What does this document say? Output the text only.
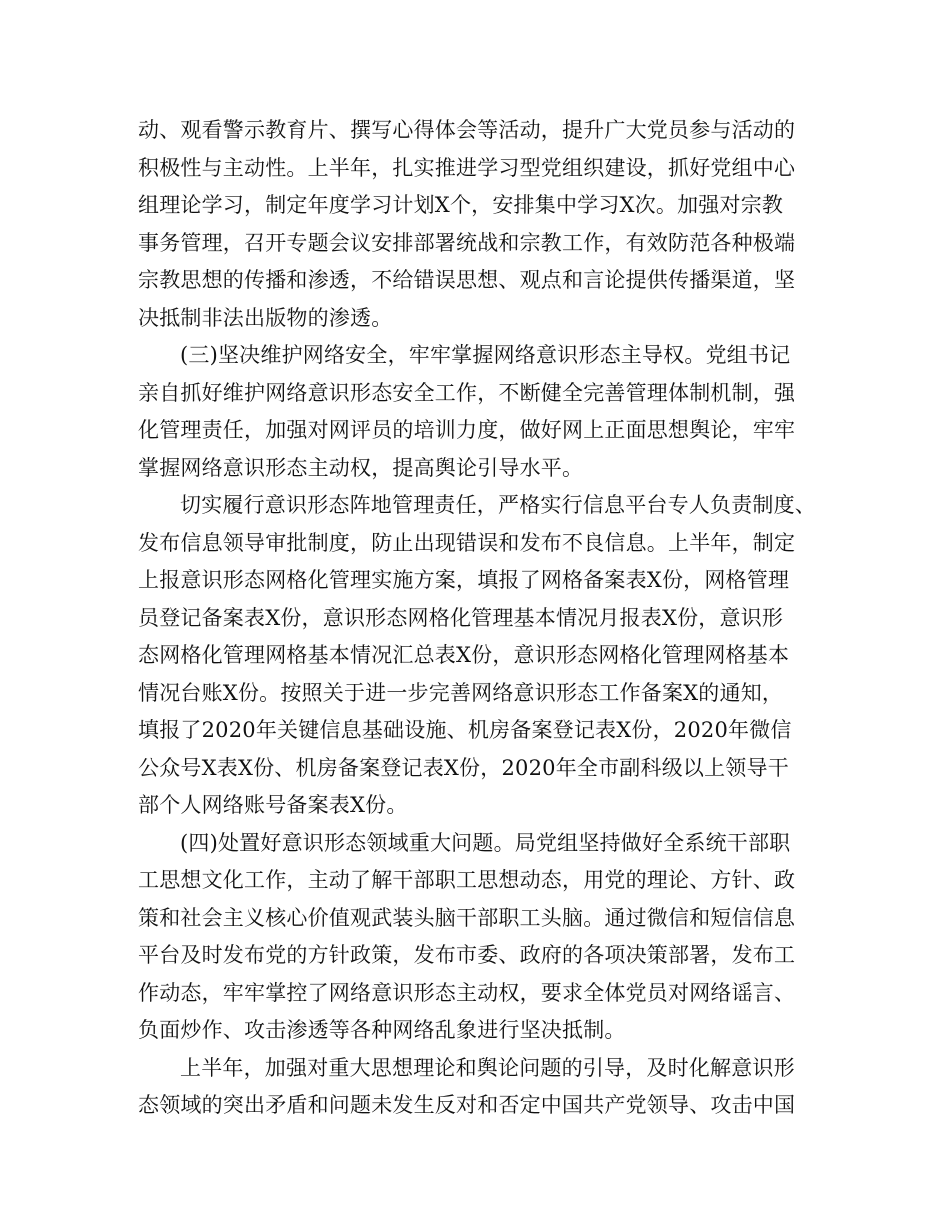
动、观看警示教育片、撰写心得体会等活动，提升广大党员参与活动的
积极性与主动性。上半年，扎实推进学习型党组织建设，抓好党组中心
组理论学习，制定年度学习计划X个，安排集中学习X次。加强对宗教
事务管理，召开专题会议安排部署统战和宗教工作，有效防范各种极端
宗教思想的传播和渗透，不给错误思想、观点和言论提供传播渠道，坚
决抵制非法出版物的渗透。
(三)坚决维护网络安全，牢牢掌握网络意识形态主导权。党组书记
亲自抓好维护网络意识形态安全工作，不断健全完善管理体制机制，强
化管理责任，加强对网评员的培训力度，做好网上正面思想舆论，牢牢
掌握网络意识形态主动权，提高舆论引导水平。
切实履行意识形态阵地管理责任，严格实行信息平台专人负责制度、
发布信息领导审批制度，防止出现错误和发布不良信息。上半年，制定
上报意识形态网格化管理实施方案，填报了网格备案表X份，网格管理
员登记备案表X份，意识形态网格化管理基本情况月报表X份，意识形
态网格化管理网格基本情况汇总表X份，意识形态网格化管理网格基本
情况台账X份。按照关于进一步完善网络意识形态工作备案X的通知，
填报了2020年关键信息基础设施、机房备案登记表X份，2020年微信
公众号X表X份、机房备案登记表X份，2020年全市副科级以上领导干
部个人网络账号备案表X份。
(四)处置好意识形态领域重大问题。局党组坚持做好全系统干部职
工思想文化工作，主动了解干部职工思想动态，用党的理论、方针、政
策和社会主义核心价值观武装头脑干部职工头脑。通过微信和短信信息
平台及时发布党的方针政策，发布市委、政府的各项决策部署，发布工
作动态，牢牢掌控了网络意识形态主动权，要求全体党员对网络谣言、
负面炒作、攻击渗透等各种网络乱象进行坚决抵制。
上半年，加强对重大思想理论和舆论问题的引导，及时化解意识形
态领域的突出矛盾和问题未发生反对和否定中国共产党领导、攻击中国
